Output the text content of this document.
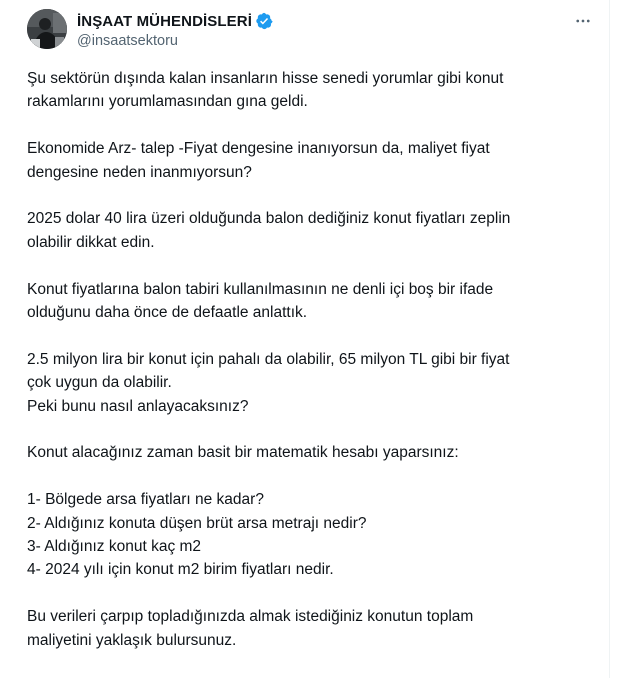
İNŞAAT MÜHENDİSLERİ
@insaatsektoru

Şu sektörün dışında kalan insanların hisse senedi yorumlar gibi konut
rakamlarını yorumlamasından gına geldi.

Ekonomide Arz- talep -Fiyat dengesine inanıyorsun da, maliyet fiyat
dengesine neden inanmıyorsun?

2025 dolar 40 lira üzeri olduğunda balon dediğiniz konut fiyatları zeplin
olabilir dikkat edin.

Konut fiyatlarına balon tabiri kullanılmasının ne denli içi boş bir ifade
olduğunu daha önce de defaatle anlattık.

2.5 milyon lira bir konut için pahalı da olabilir, 65 milyon TL gibi bir fiyat
çok uygun da olabilir.
Peki bunu nasıl anlayacaksınız?

Konut alacağınız zaman basit bir matematik hesabı yaparsınız:

1- Bölgede arsa fiyatları ne kadar?
2- Aldığınız konuta düşen brüt arsa metrajı nedir?
3- Aldığınız konut kaç m2
4- 2024 yılı için konut m2 birim fiyatları nedir.

Bu verileri çarpıp topladığınızda almak istediğiniz konutun toplam
maliyetini yaklaşık bulursunuz.
